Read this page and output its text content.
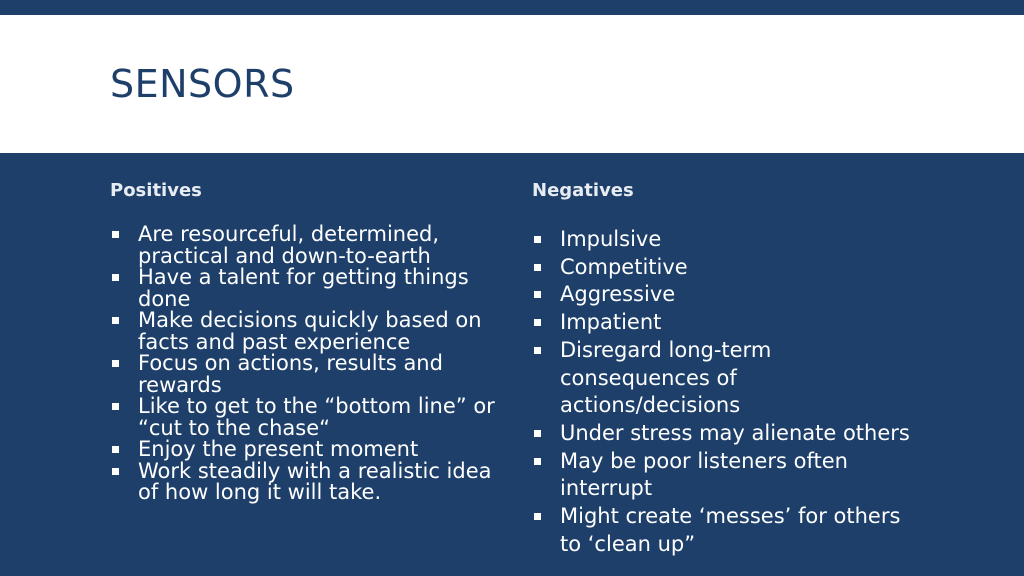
SENSORS
Positives
Are resourceful, determined, practical and down-to-earth
Have a talent for getting things done
Make decisions quickly based on facts and past experience
Focus on actions, results and rewards
Like to get to the “bottom line” or “cut to the chase“
Enjoy the present moment
Work steadily with a realistic idea of how long it will take.
Negatives
Impulsive
Competitive
Aggressive
Impatient
Disregard long-term consequences of actions/decisions
Under stress may alienate others
May be poor listeners often interrupt
Might create ‘messes’ for others to ‘clean up”
